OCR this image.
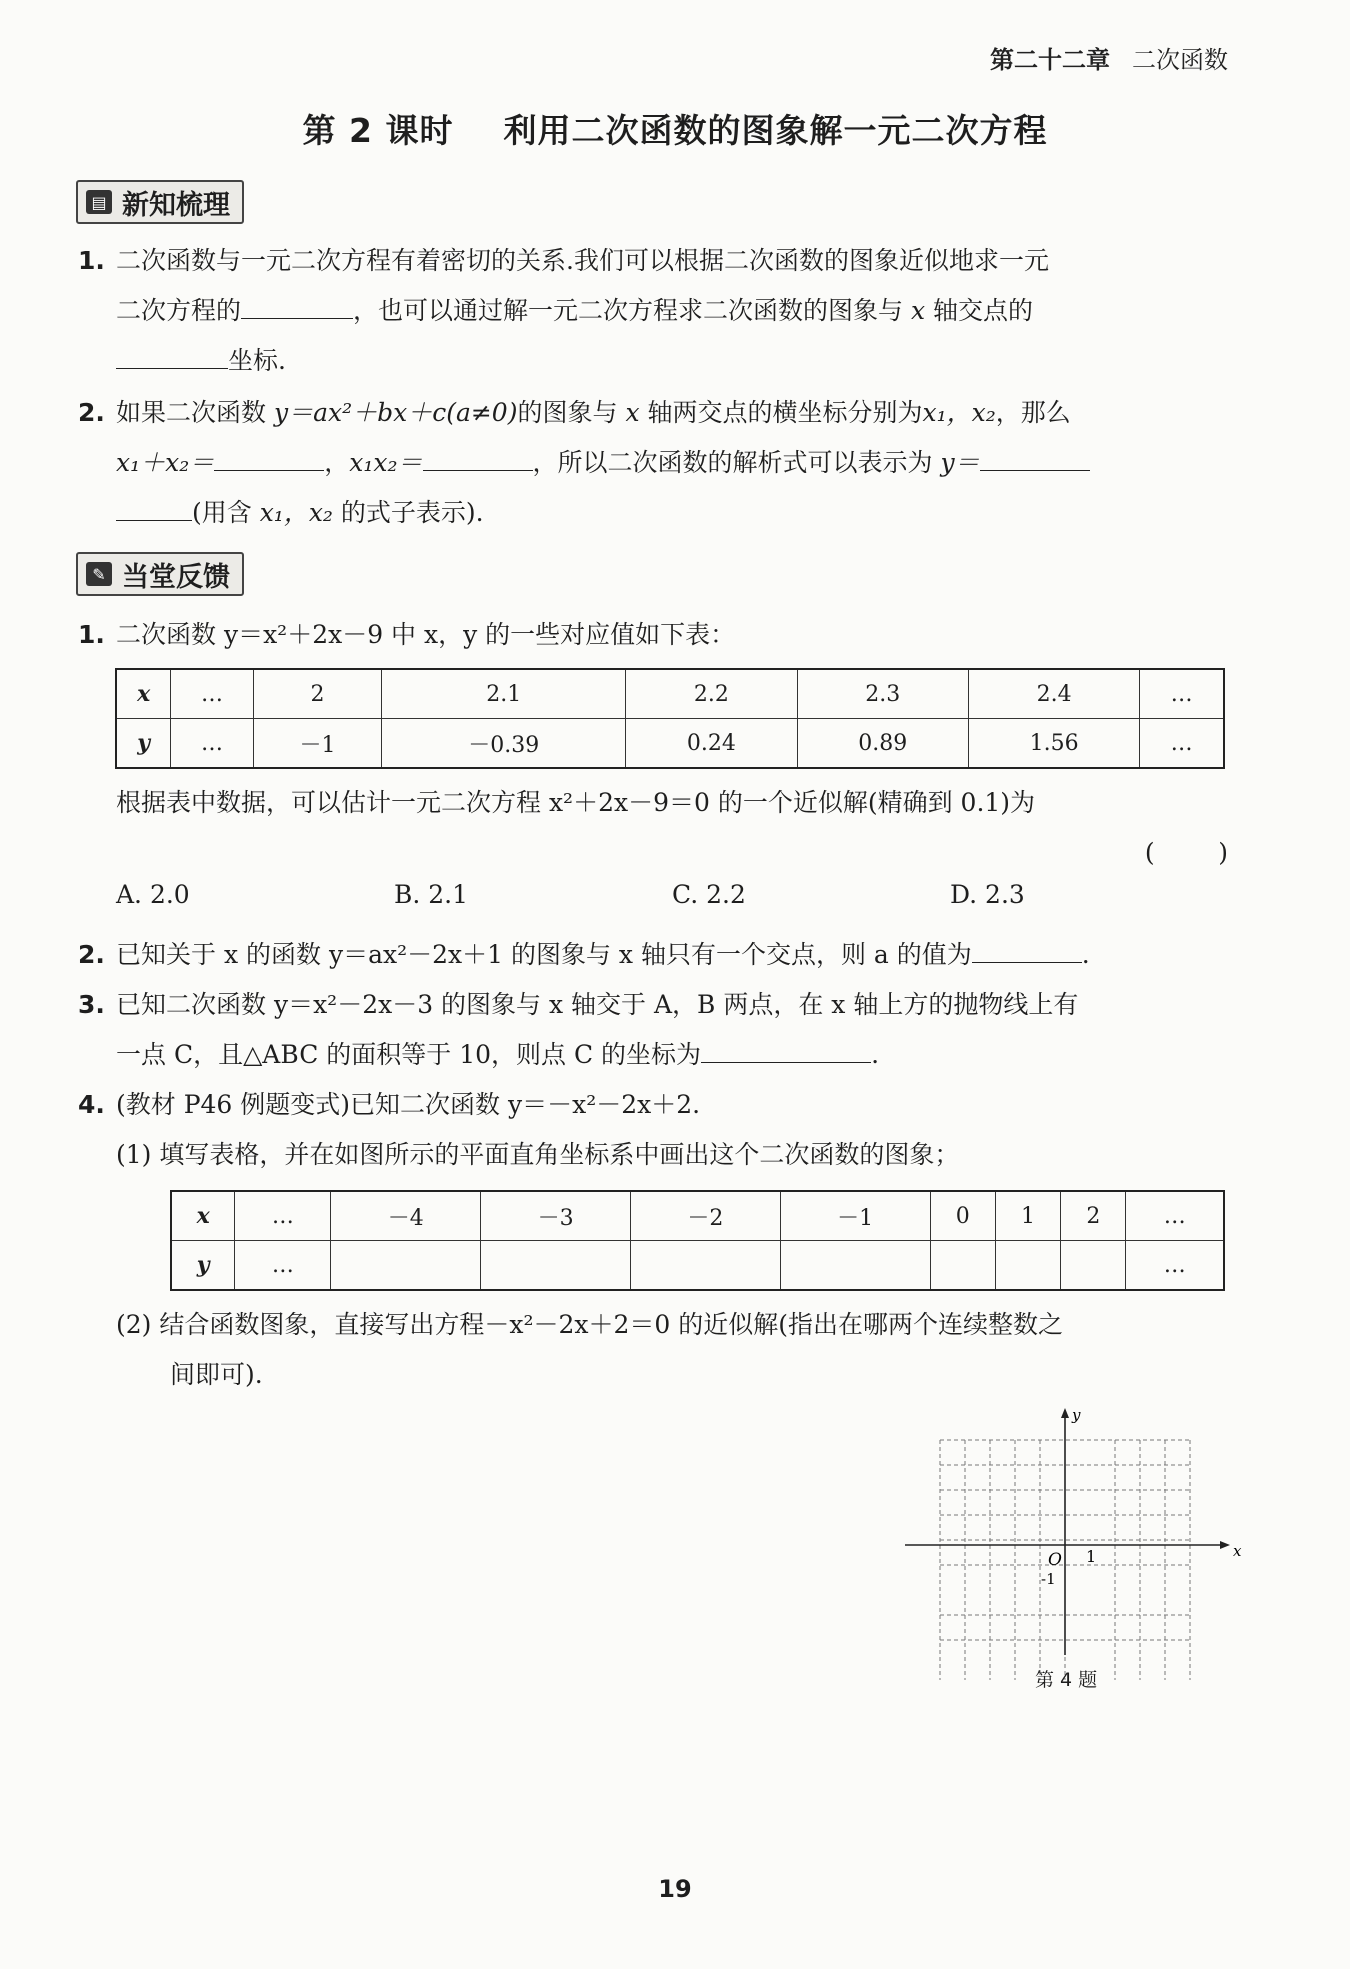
第二十二章 二次函数
第 2 课时    利用二次函数的图象解一元二次方程
▤ 新知梳理
1. 二次函数与一元二次方程有着密切的关系.我们可以根据二次函数的图象近似地求一元
二次方程的	，也可以通过解一元二次方程求二次函数的图象与 x 轴交点的
坐标.
2. 如果二次函数 y＝ax²＋bx＋c(a≠0)的图象与 x 轴两交点的横坐标分别为x₁，x₂，那么
x₁＋x₂＝	，x₁x₂＝	，所以二次函数的解析式可以表示为 y＝
(用含 x₁，x₂ 的式子表示).
✎ 当堂反馈
1. 二次函数 y＝x²＋2x－9 中 x，y 的一些对应值如下表：
x	…	2	2.1	2.2	2.3	2.4	…
y	…	－1	－0.39	0.24	0.89	1.56	…
根据表中数据，可以估计一元二次方程 x²＋2x－9＝0 的一个近似解(精确到 0.1)为
(        )
A. 2.0	B. 2.1	C. 2.2	D. 2.3
2. 已知关于 x 的函数 y＝ax²－2x＋1 的图象与 x 轴只有一个交点，则 a 的值为	.
3. 已知二次函数 y＝x²－2x－3 的图象与 x 轴交于 A，B 两点，在 x 轴上方的抛物线上有
一点 C，且△ABC 的面积等于 10，则点 C 的坐标为	.
4. (教材 P46 例题变式)已知二次函数 y＝－x²－2x＋2.
(1) 填写表格，并在如图所示的平面直角坐标系中画出这个二次函数的图象；
x	…	－4	－3	－2	－1	0	1	2	…
y	…								…
(2) 结合函数图象，直接写出方程－x²－2x＋2＝0 的近似解(指出在哪两个连续整数之
间即可).
x
y
O 1
-1
第 4 题
19
